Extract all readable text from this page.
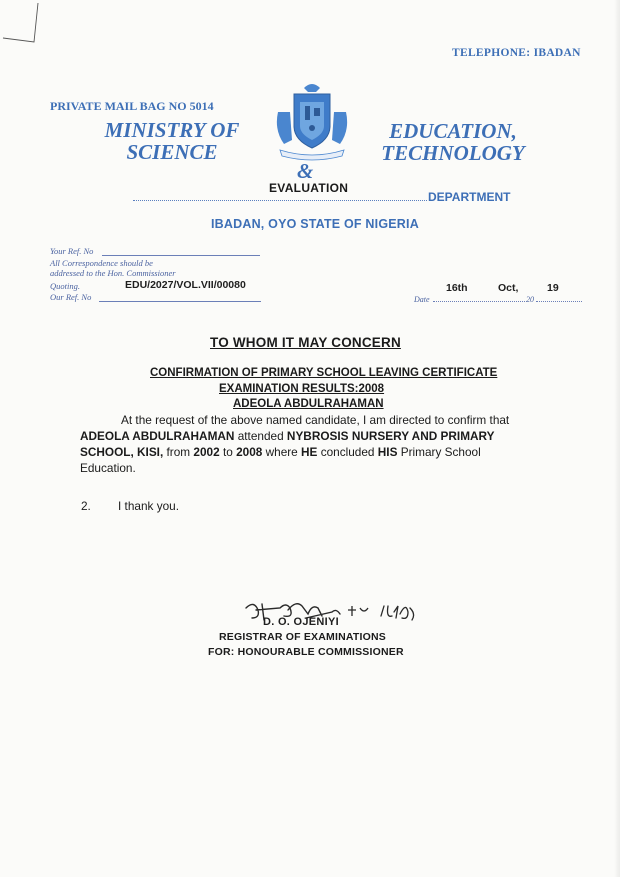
TELEPHONE: IBADAN
PRIVATE MAIL BAG NO 5014
MINISTRY OF
SCIENCE
&
EDUCATION,
TECHNOLOGY
EVALUATION
DEPARTMENT
IBADAN, OYO STATE OF NIGERIA
Your Ref. No
All Correspondence should be
addressed to the Hon. Commissioner
Quoting.	EDU/2027/VOL.VII/00080
Our Ref. No
16th	Oct,	19
Date	20
TO WHOM IT MAY CONCERN
CONFIRMATION OF PRIMARY SCHOOL LEAVING CERTIFICATE
EXAMINATION RESULTS:2008
ADEOLA ABDULRAHAMAN
At the request of the above named candidate, I am directed to confirm that ADEOLA ABDULRAHAMAN attended NYBROSIS NURSERY AND PRIMARY SCHOOL, KISI, from 2002 to 2008 where HE concluded HIS Primary School Education.
2. I thank you.
D. O. OJENIYI
REGISTRAR OF EXAMINATIONS
FOR: HONOURABLE COMMISSIONER
